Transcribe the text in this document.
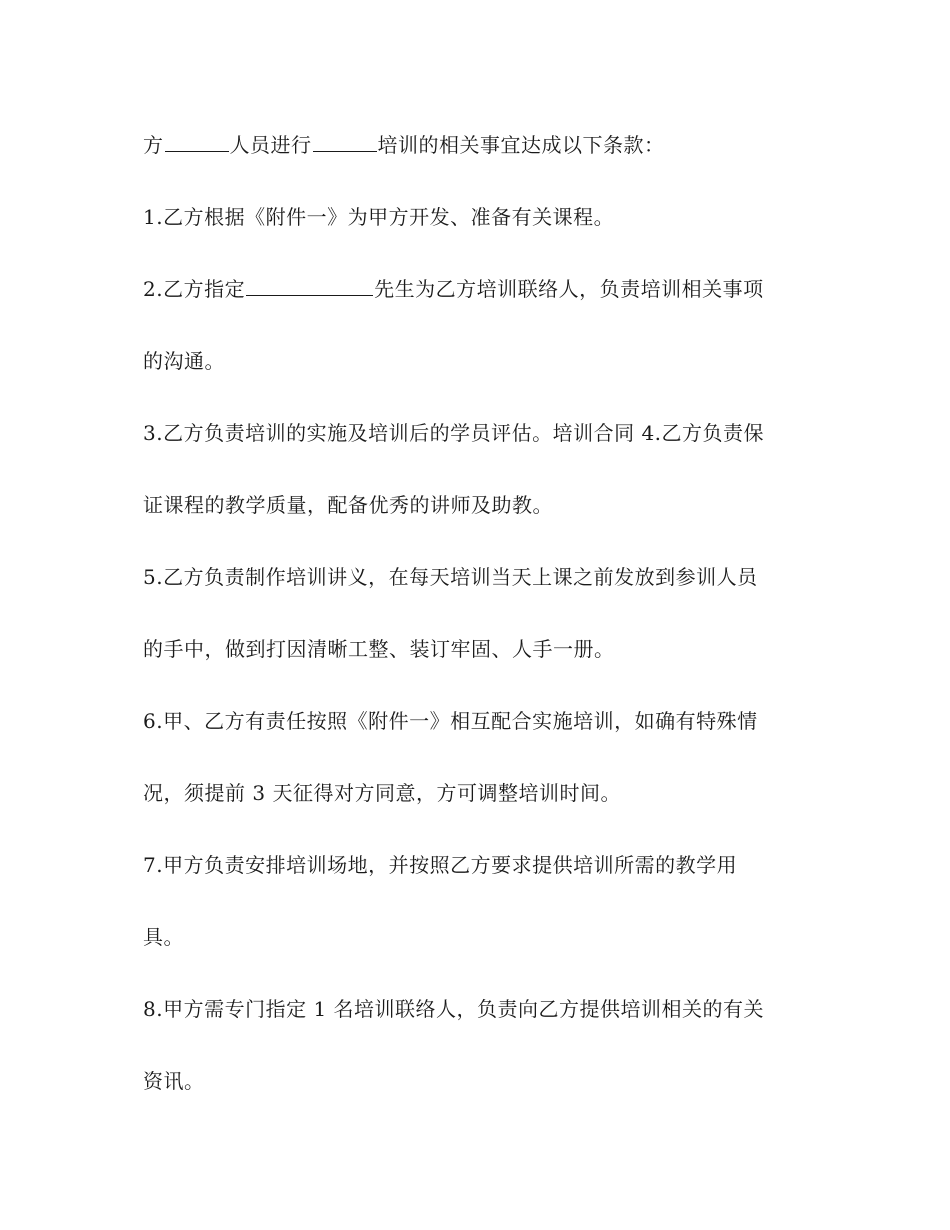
方	人员进行	培训的相关事宜达成以下条款：
1.乙方根据《附件一》为甲方开发、准备有关课程。
2.乙方指定	先生为乙方培训联络人，负责培训相关事项
的沟通。
3.乙方负责培训的实施及培训后的学员评估。培训合同 4.乙方负责保
证课程的教学质量，配备优秀的讲师及助教。
5.乙方负责制作培训讲义，在每天培训当天上课之前发放到参训人员
的手中，做到打因清晰工整、装订牢固、人手一册。
6.甲、乙方有责任按照《附件一》相互配合实施培训，如确有特殊情
况，须提前 3 天征得对方同意，方可调整培训时间。
7.甲方负责安排培训场地，并按照乙方要求提供培训所需的教学用
具。
8.甲方需专门指定 1 名培训联络人，负责向乙方提供培训相关的有关
资讯。
